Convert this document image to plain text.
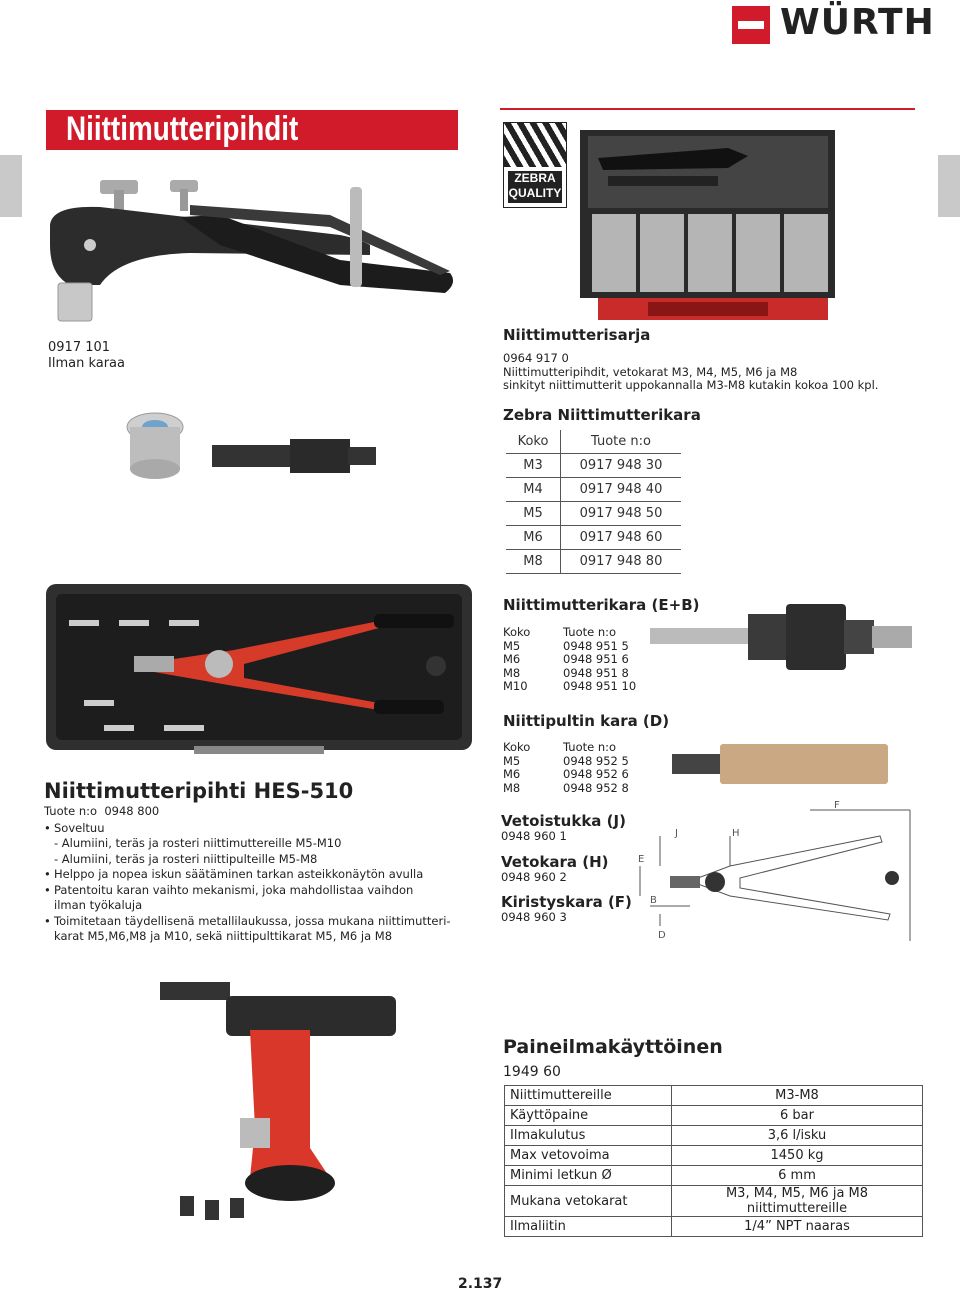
WÜRTH
Niittimutteripihdit
ZEBRA
QUALITY
0917 101
Ilman karaa
Niittimutterisarja
0964 917 0
Niittimutteripihdit, vetokarat M3, M4, M5, M6 ja M8
sinkityt niittimutterit uppokannalla M3-M8 kutakin kokoa 100 kpl.
Zebra Niittimutterikara
Koko	Tuote n:o
M3	0917 948 30
M4	0917 948 40
M5	0917 948 50
M6	0917 948 60
M8	0917 948 80
Niittimutterikara (E+B)
Koko	Tuote n:o
M5	0948 951 5
M6	0948 951 6
M8	0948 951 8
M10	0948 951 10
Niittipultin kara (D)
Koko	Tuote n:o
M5	0948 952 5
M6	0948 952 6
M8	0948 952 8
Vetoistukka (J)
0948 960 1
Vetokara (H)
0948 960 2
Kiristyskara (F)
0948 960 3
F
J	H
E
B
D
Niittimutteripihti HES-510
Tuote n:o 0948 800
• Soveltuu
- Alumiini, teräs ja rosteri niittimuttereille M5-M10
- Alumiini, teräs ja rosteri niittipulteille M5-M8
• Helppo ja nopea iskun säätäminen tarkan asteikkonäytön avulla
• Patentoitu karan vaihto mekanismi, joka mahdollistaa vaihdon
ilman työkaluja
• Toimitetaan täydellisenä metallilaukussa, jossa mukana niittimutteri-
karat M5,M6,M8 ja M10, sekä niittipulttikarat M5, M6 ja M8
Paineilmakäyttöinen
1949 60
Niittimuttereille	M3-M8
Käyttöpaine	6 bar
Ilmakulutus	3,6 l/isku
Max vetovoima	1450 kg
Minimi letkun Ø	6 mm
Mukana vetokarat	M3, M4, M5, M6 ja M8 niittimuttereille
Ilmaliitin	1/4” NPT naaras
2.137
